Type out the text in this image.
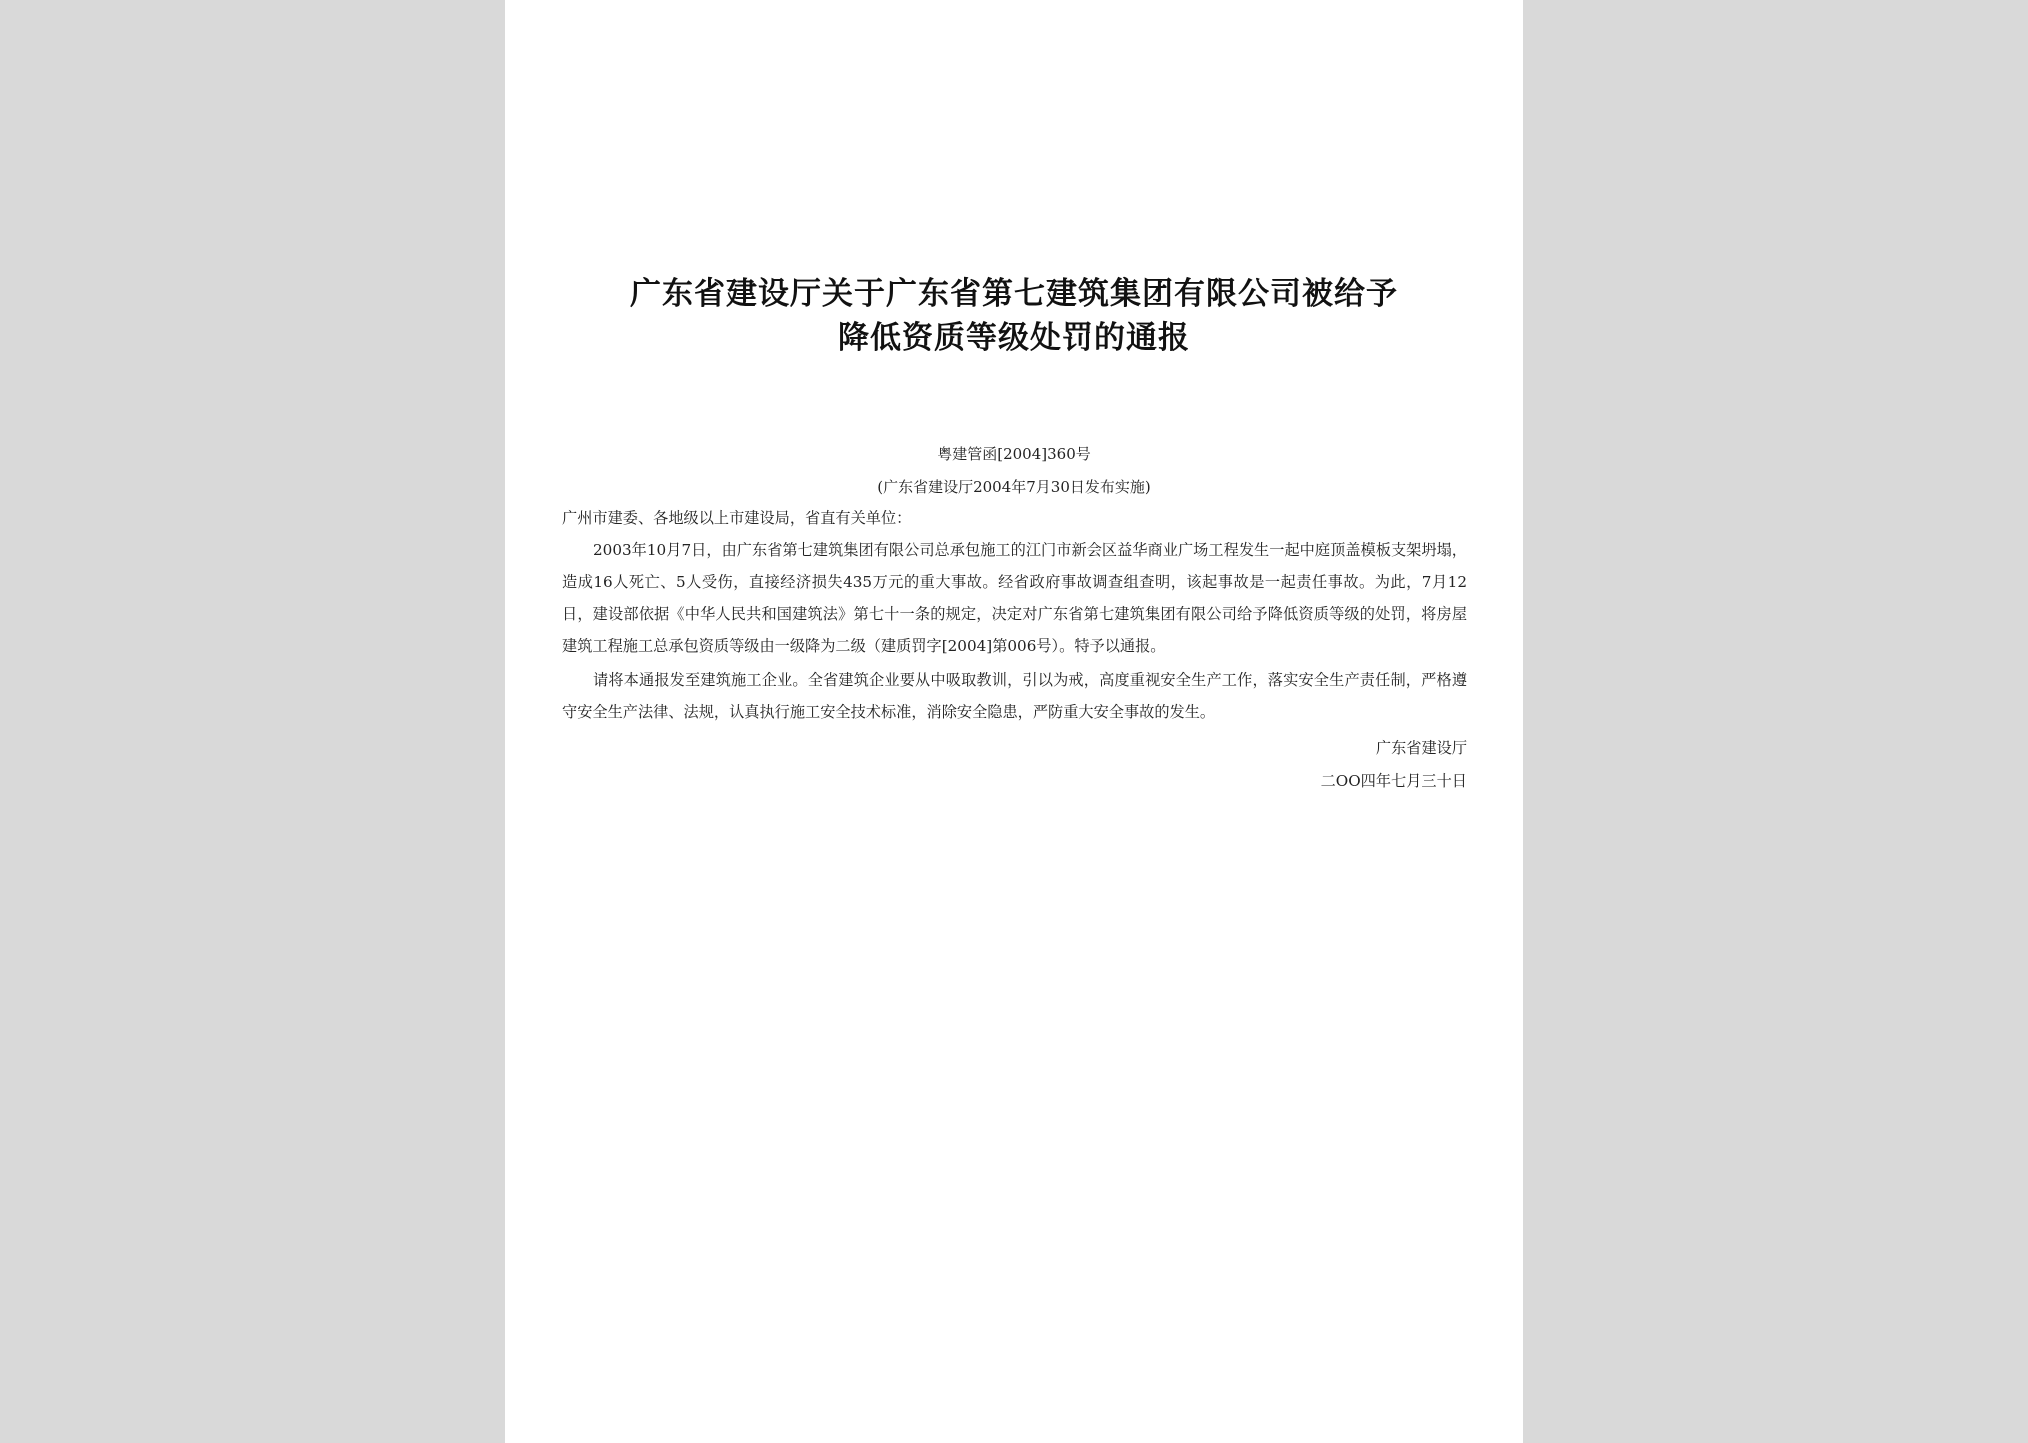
广东省建设厅关于广东省第七建筑集团有限公司被给予
降低资质等级处罚的通报
粤建管函[2004]360号
(广东省建设厅2004年7月30日发布实施)

广州市建委、各地级以上市建设局，省直有关单位：

2003年10月7日，由广东省第七建筑集团有限公司总承包施工的江门市新会区益华商业广场工程发生一起中庭顶盖模板支架坍塌，造成16人死亡、5人受伤，直接经济损失435万元的重大事故。经省政府事故调查组查明，该起事故是一起责任事故。为此，7月12日，建设部依据《中华人民共和国建筑法》第七十一条的规定，决定对广东省第七建筑集团有限公司给予降低资质等级的处罚，将房屋建筑工程施工总承包资质等级由一级降为二级（建质罚字[2004]第006号）。特予以通报。

请将本通报发至建筑施工企业。全省建筑企业要从中吸取教训，引以为戒，高度重视安全生产工作，落实安全生产责任制，严格遵守安全生产法律、法规，认真执行施工安全技术标准，消除安全隐患，严防重大安全事故的发生。

广东省建设厅
二OO四年七月三十日
